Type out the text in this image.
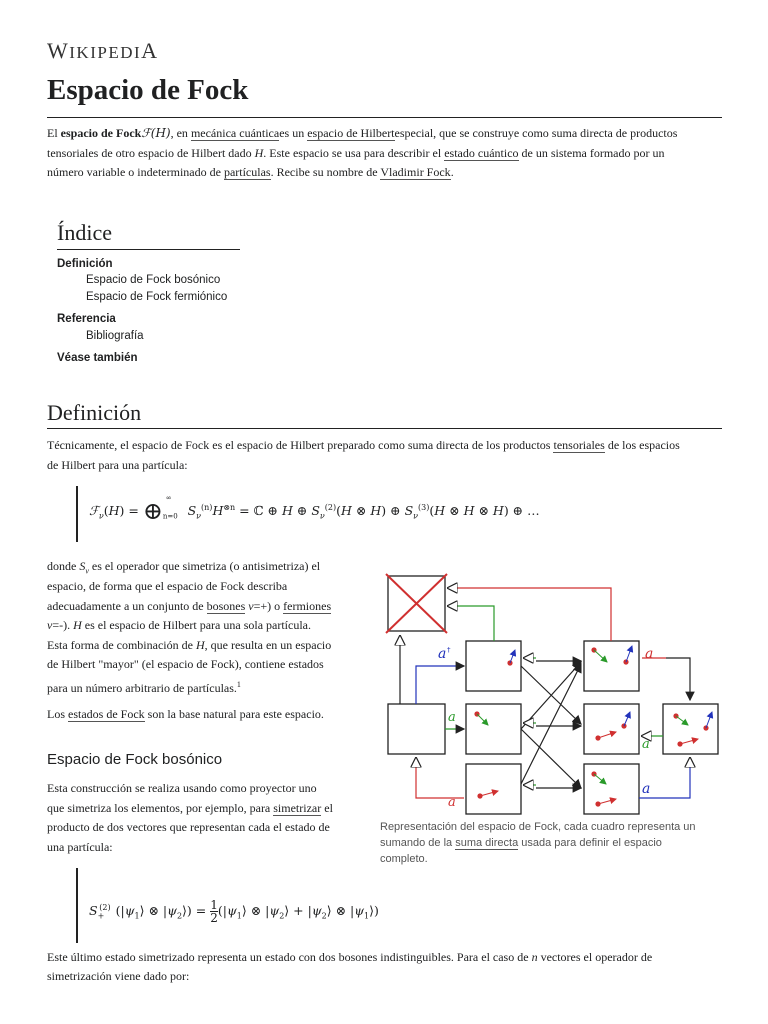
WIKIPEDIA
Espacio de Fock
El espacio de Fockℱ(H), en mecánica cuánticaes un espacio de Hilbertespecial, que se construye como suma directa de productos
tensoriales de otro espacio de Hilbert dado H. Este espacio se usa para describir el estado cuántico de un sistema formado por un
número variable o indeterminado de partículas. Recibe su nombre de Vladimir Fock.
Índice
Definición
Espacio de Fock bosónico
Espacio de Fock fermiónico
Referencia
Bibliografía
Véase también
Definición
Técnicamente, el espacio de Fock es el espacio de Hilbert preparado como suma directa de los productos tensoriales de los espacios
de Hilbert para una partícula:
ℱ$_\nu$(H) = $\oplus_{n=0}^\infty$ $S_\nu^{(n)}H^{\otimes n}$ = ℂ ⊕ H ⊕ $S_\nu^{(2)}(H$ ⊗ H) ⊕ $S_\nu^{(3)}(H$ ⊗ H ⊗ H) ⊕ …
donde $S_\nu$ es el operador que simetriza (o antisimetriza) el
espacio, de forma que el espacio de Fock describa
adecuadamente a un conjunto de bosones ν=+) o fermiones
ν=-). H es el espacio de Hilbert para una sola partícula.
Esta forma de combinación de H, que resulta en un espacio
de Hilbert "mayor" (el espacio de Fock), contiene estados
para un número arbitrario de partículas.$^1$
Los estados de Fock son la base natural para este espacio.
Espacio de Fock bosónico
Esta construcción se realiza usando como proyector uno
que simetriza los elementos, por ejemplo, para simetrizar el
producto de dos vectores que representan cada el estado de
una partícula:
$S_+^{(2)}$ ($|\psi_1⟩$ ⊗ $|\psi_2⟩) = \frac{1}{2}$ ($|\psi_1⟩$ ⊗ $|\psi_2⟩$ + $|\psi_2⟩$ ⊗ $|\psi_1⟩$)
Este último estado simetrizado representa un estado con dos bosones indistinguibles. Para el caso de n vectores el operador de
simetrización viene dado por:
a †
a
a
a
a
a
Representación del espacio de Fock, cada cuadro representa un sumando de la suma directa usada para definir el espacio completo.
